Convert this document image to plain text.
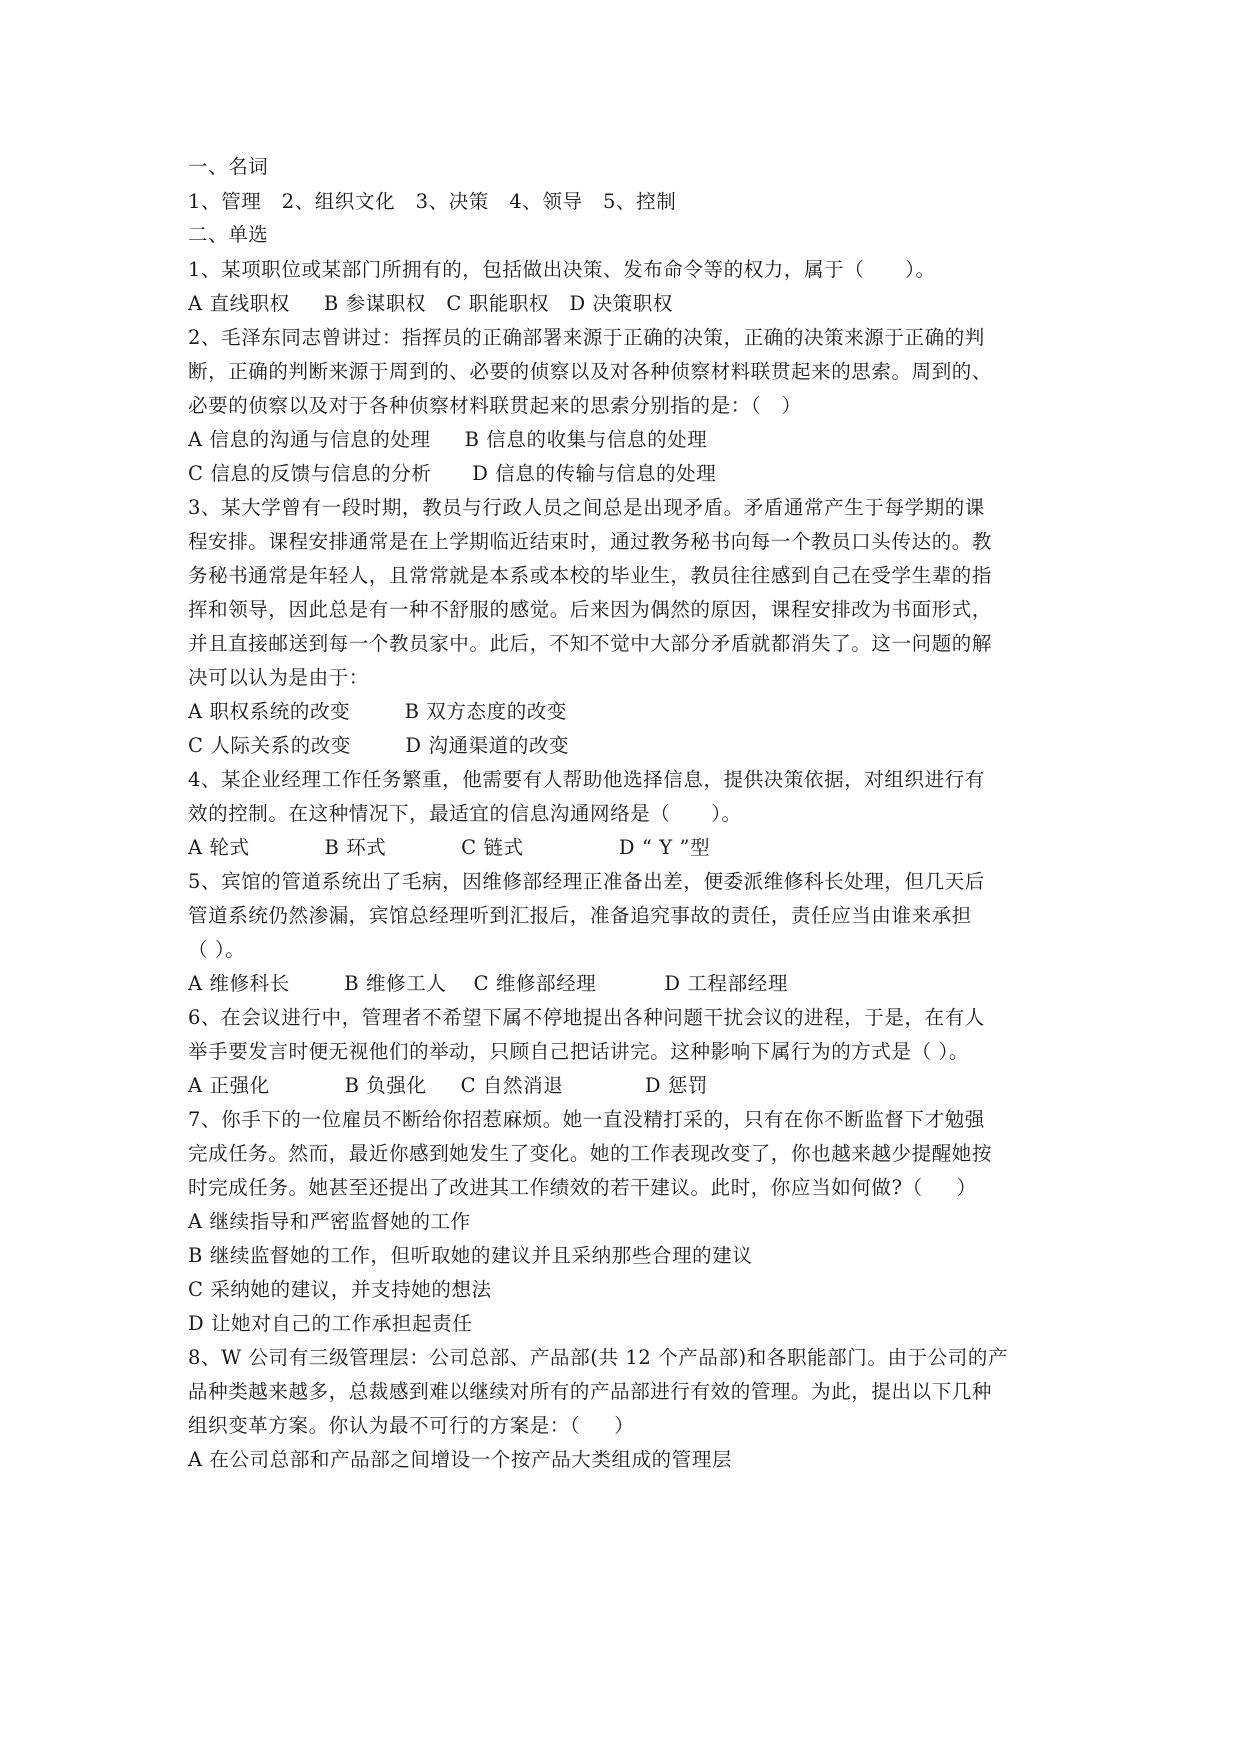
一、名词
1、管理   2、组织文化   3、决策   4、领导   5、控制
二、单选
1、某项职位或某部门所拥有的，包括做出决策、发布命令等的权力，属于（      ）。
A 直线职权     B 参谋职权   C 职能职权   D 决策职权
2、毛泽东同志曾讲过：指挥员的正确部署来源于正确的决策，正确的决策来源于正确的判
断，正确的判断来源于周到的、必要的侦察以及对各种侦察材料联贯起来的思索。周到的、
必要的侦察以及对于各种侦察材料联贯起来的思索分别指的是：（   ）
A 信息的沟通与信息的处理     B 信息的收集与信息的处理
C 信息的反馈与信息的分析      D 信息的传输与信息的处理
3、某大学曾有一段时期，教员与行政人员之间总是出现矛盾。矛盾通常产生于每学期的课
程安排。课程安排通常是在上学期临近结束时，通过教务秘书向每一个教员口头传达的。教
务秘书通常是年轻人，且常常就是本系或本校的毕业生，教员往往感到自己在受学生辈的指
挥和领导，因此总是有一种不舒服的感觉。后来因为偶然的原因，课程安排改为书面形式，
并且直接邮送到每一个教员家中。此后，不知不觉中大部分矛盾就都消失了。这一问题的解
决可以认为是由于：
A 职权系统的改变        B 双方态度的改变
C 人际关系的改变        D 沟通渠道的改变
4、某企业经理工作任务繁重，他需要有人帮助他选择信息，提供决策依据，对组织进行有
效的控制。在这种情况下，最适宜的信息沟通网络是（      ）。
A 轮式           B 环式           C 链式              D “ Y ”型
5、宾馆的管道系统出了毛病，因维修部经理正准备出差，便委派维修科长处理，但几天后
管道系统仍然渗漏，宾馆总经理听到汇报后，准备追究事故的责任，责任应当由谁来承担
（ ）。
A 维修科长        B 维修工人    C 维修部经理          D 工程部经理
6、在会议进行中，管理者不希望下属不停地提出各种问题干扰会议的进程，于是，在有人
举手要发言时便无视他们的举动，只顾自己把话讲完。这种影响下属行为的方式是（ ）。
A 正强化           B 负强化     C 自然消退            D 惩罚
7、你手下的一位雇员不断给你招惹麻烦。她一直没精打采的，只有在你不断监督下才勉强
完成任务。然而，最近你感到她发生了变化。她的工作表现改变了，你也越来越少提醒她按
时完成任务。她甚至还提出了改进其工作绩效的若干建议。此时，你应当如何做?（     ）
A 继续指导和严密监督她的工作
B 继续监督她的工作，但听取她的建议并且采纳那些合理的建议
C 采纳她的建议，并支持她的想法
D 让她对自己的工作承担起责任
8、W 公司有三级管理层：公司总部、产品部(共 12 个产品部)和各职能部门。由于公司的产
品种类越来越多，总裁感到难以继续对所有的产品部进行有效的管理。为此，提出以下几种
组织变革方案。你认为最不可行的方案是：（     ）
A 在公司总部和产品部之间增设一个按产品大类组成的管理层
